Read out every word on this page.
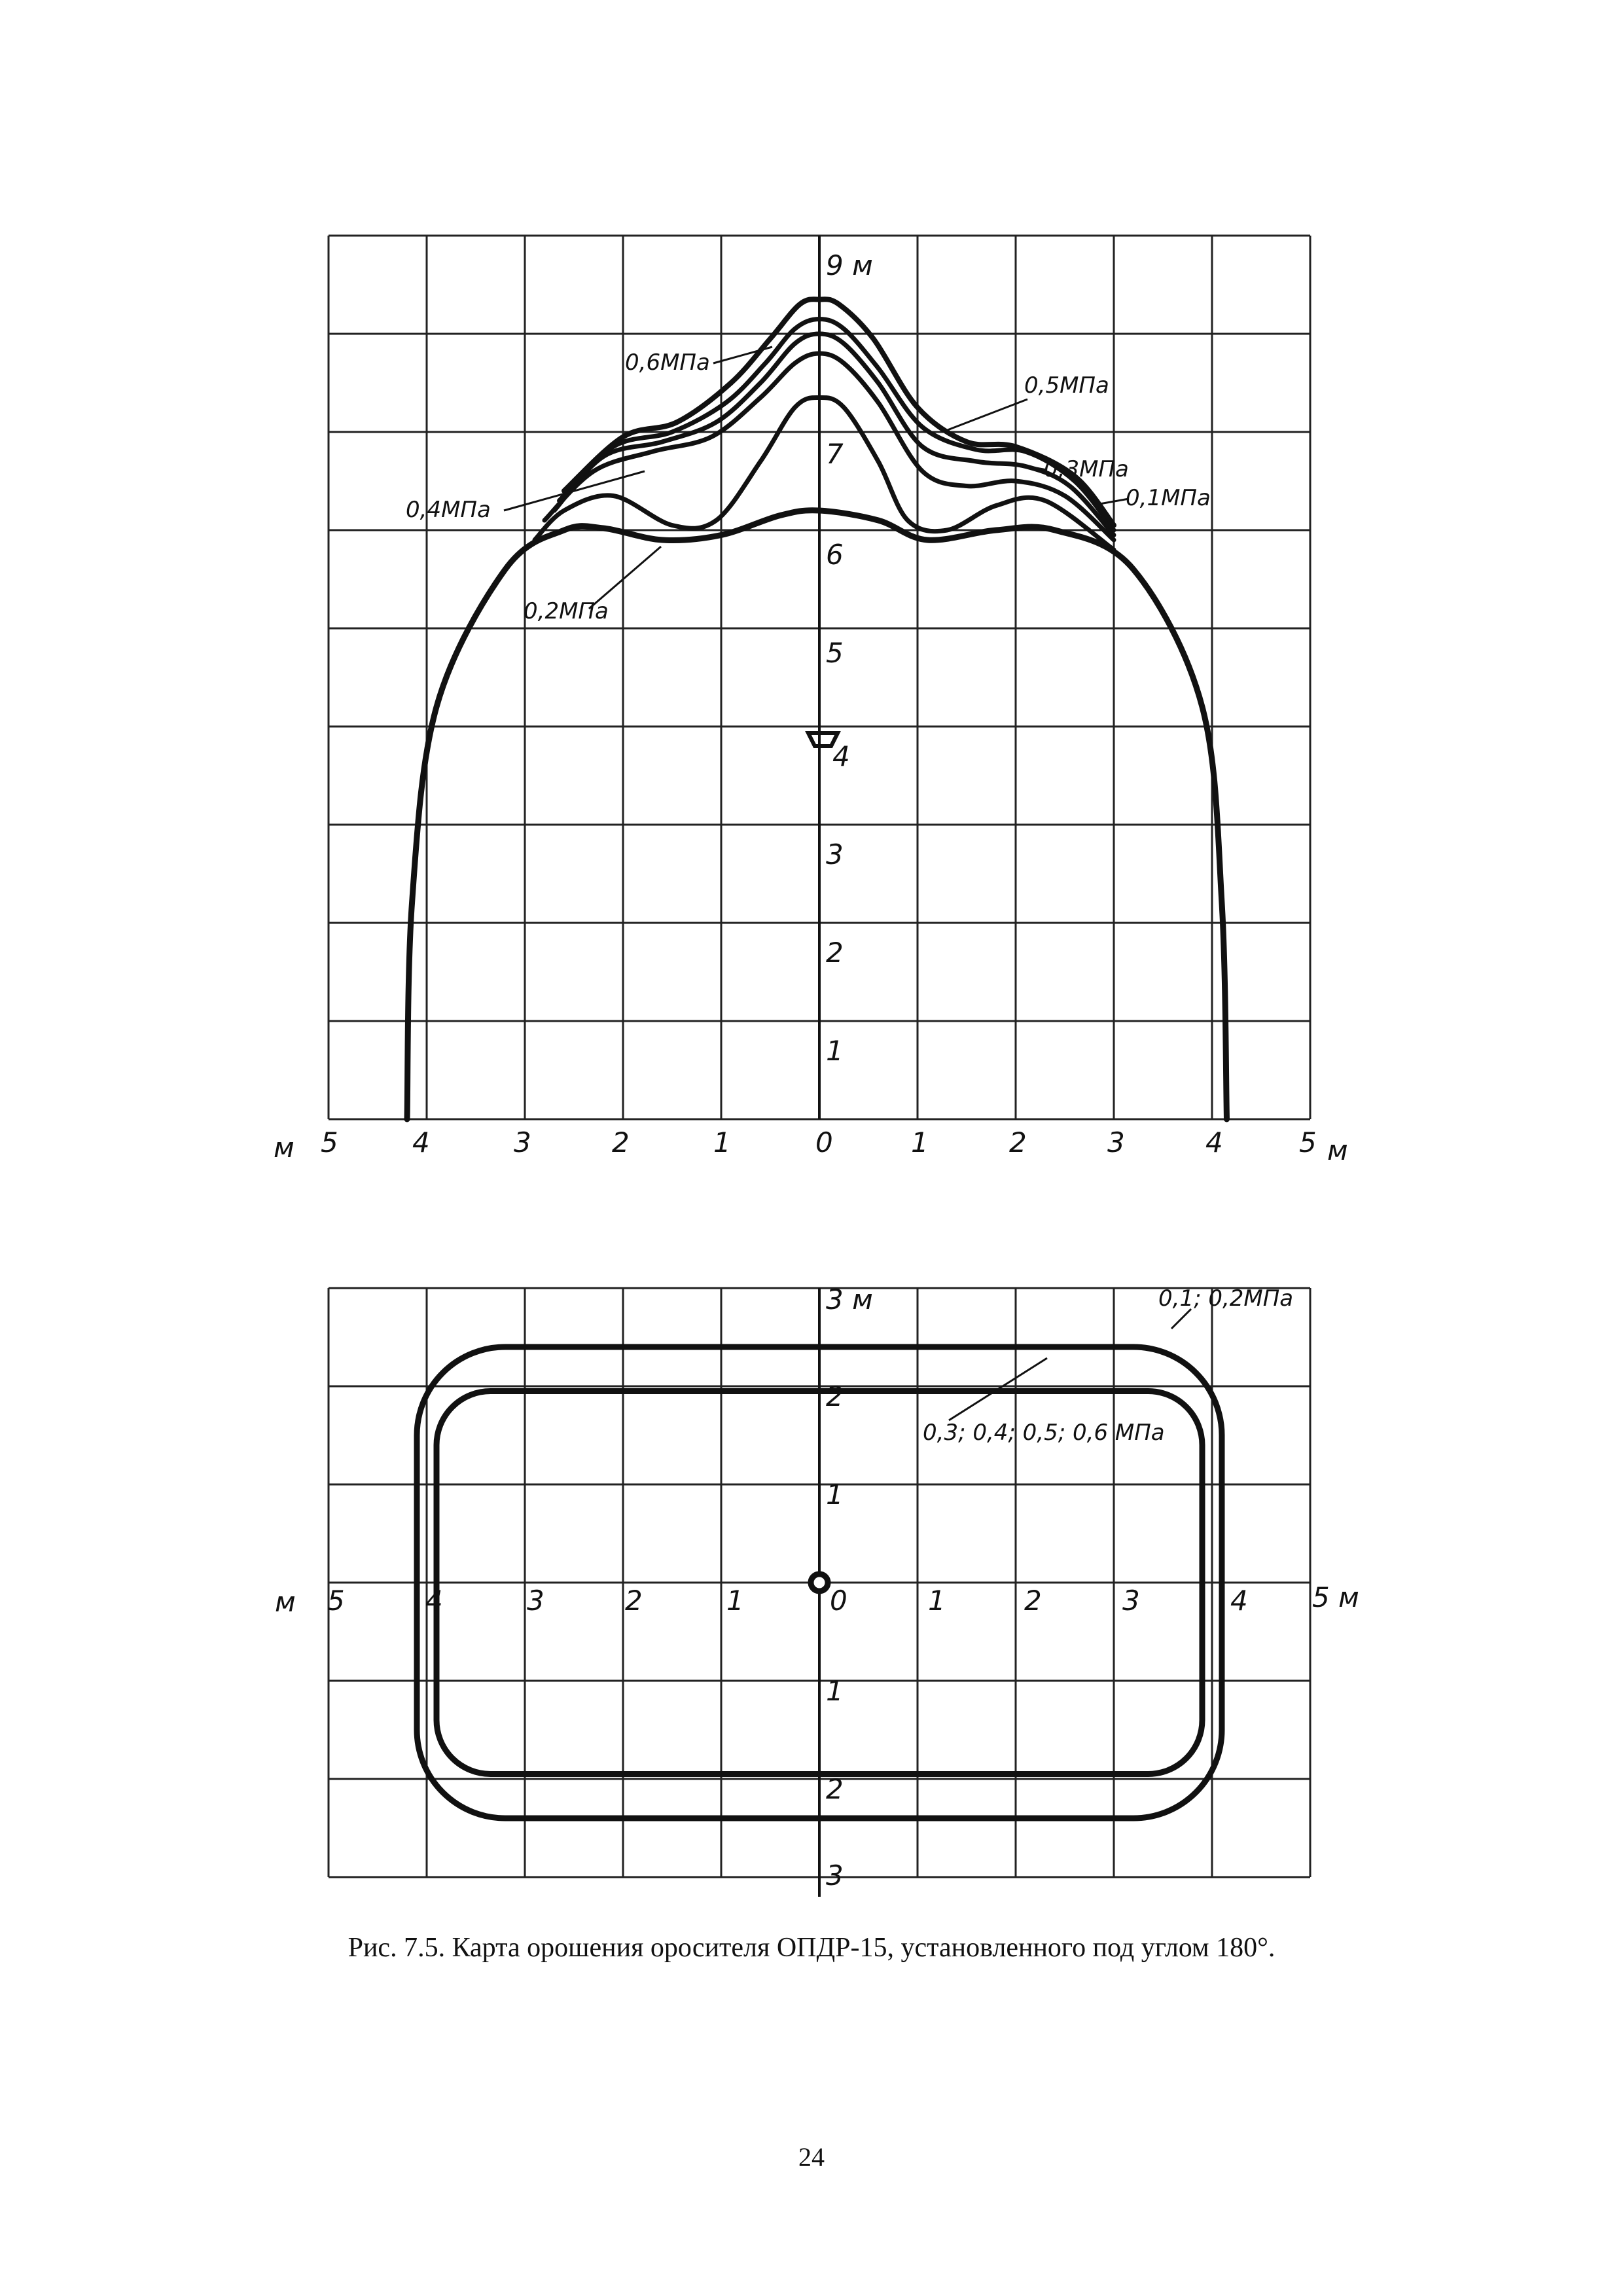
м 5	4	3	2	1	0	1	2	3	4	5 м
1
2
3
4
5
6
7
9 м
0,6МПа
0,5МПа
0,3МПа
0,1МПа
0,4МПа
0,2МПа
м 5	4	3	2	1	0	1	2	3	4 5 м
3 м
2
1
1
2
3
0,1; 0,2МПа
0,3; 0,4; 0,5; 0,6 МПа
Рис. 7.5. Карта орошения оросителя ОПДР-15, установленного под углом 180°.
24
